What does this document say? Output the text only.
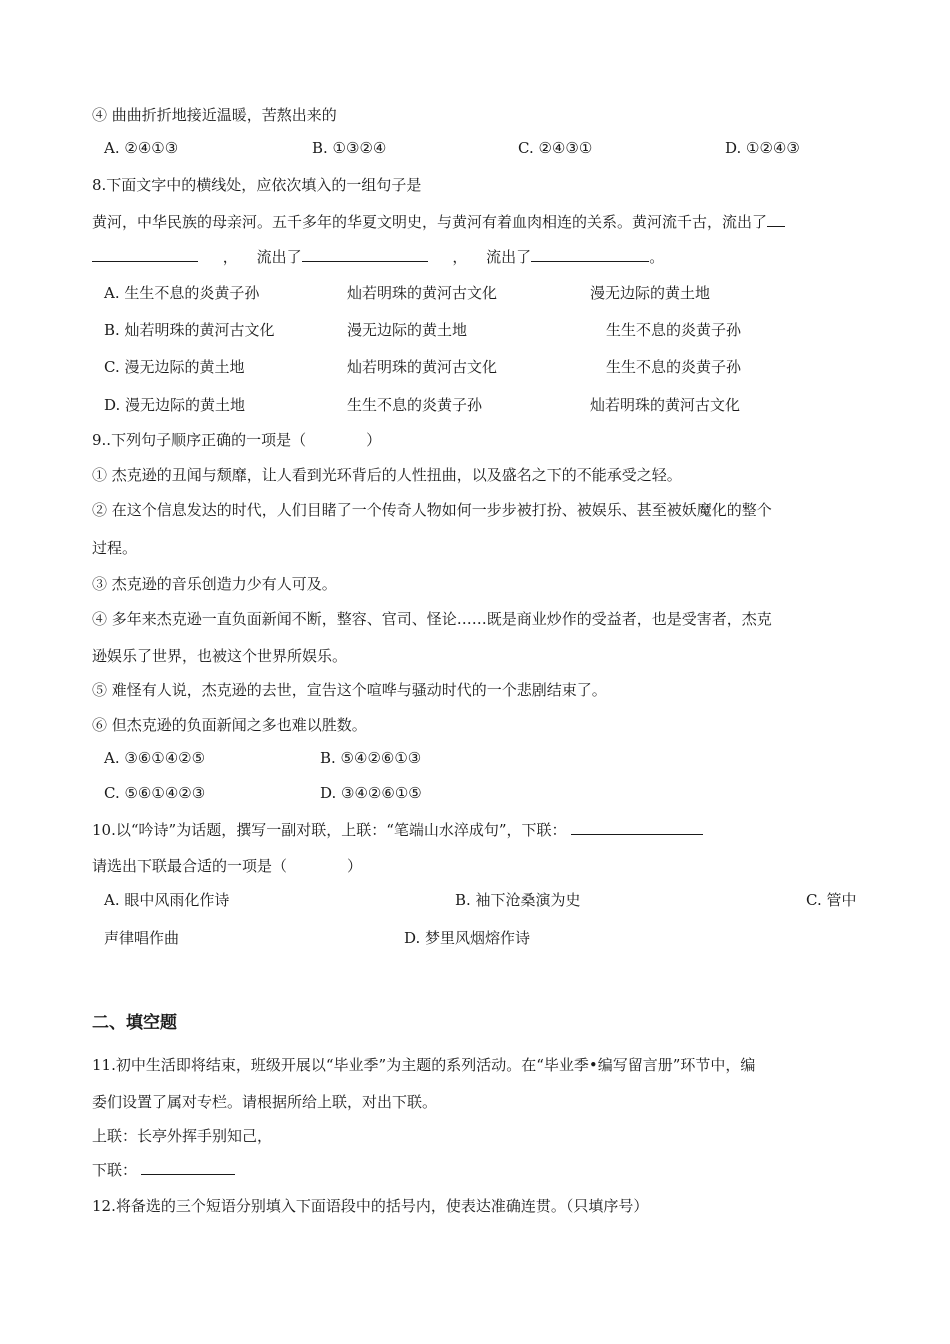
④ 曲曲折折地接近温暖，苦熬出来的
A. ②④①③	B. ①③②④	C. ②④③①	D. ①②④③
8.下面文字中的横线处，应依次填入的一组句子是
黄河，中华民族的母亲河。五千多年的华夏文明史，与黄河有着血肉相连的关系。黄河流千古，流出了
， 流出了	， 流出了	。
A. 生生不息的炎黄子孙	灿若明珠的黄河古文化	漫无边际的黄土地
B. 灿若明珠的黄河古文化	漫无边际的黄土地	生生不息的炎黄子孙
C. 漫无边际的黄土地	灿若明珠的黄河古文化	生生不息的炎黄子孙
D. 漫无边际的黄土地	生生不息的炎黄子孙	灿若明珠的黄河古文化
9..下列句子顺序正确的一项是（　　　　）
① 杰克逊的丑闻与颓靡，让人看到光环背后的人性扭曲，以及盛名之下的不能承受之轻。
② 在这个信息发达的时代，人们目睹了一个传奇人物如何一步步被打扮、被娱乐、甚至被妖魔化的整个
过程。
③ 杰克逊的音乐创造力少有人可及。
④ 多年来杰克逊一直负面新闻不断，整容、官司、怪论……既是商业炒作的受益者，也是受害者，杰克
逊娱乐了世界，也被这个世界所娱乐。
⑤ 难怪有人说，杰克逊的去世，宣告这个喧哗与骚动时代的一个悲剧结束了。
⑥ 但杰克逊的负面新闻之多也难以胜数。
A. ③⑥①④②⑤	B. ⑤④②⑥①③
C. ⑤⑥①④②③	D. ③④②⑥①⑤
10.以“吟诗”为话题，撰写一副对联，上联：“笔端山水淬成句”，下联：
请选出下联最合适的一项是（　　　　）
A. 眼中风雨化作诗	B. 袖下沧桑演为史	C. 管中
声律唱作曲	D. 梦里风烟熔作诗
二、填空题
11.初中生活即将结束，班级开展以“毕业季”为主题的系列活动。在“毕业季•编写留言册”环节中，编
委们设置了属对专栏。请根据所给上联，对出下联。
上联：长亭外挥手别知己，
下联：
12.将备选的三个短语分别填入下面语段中的括号内，使表达准确连贯。（只填序号）
